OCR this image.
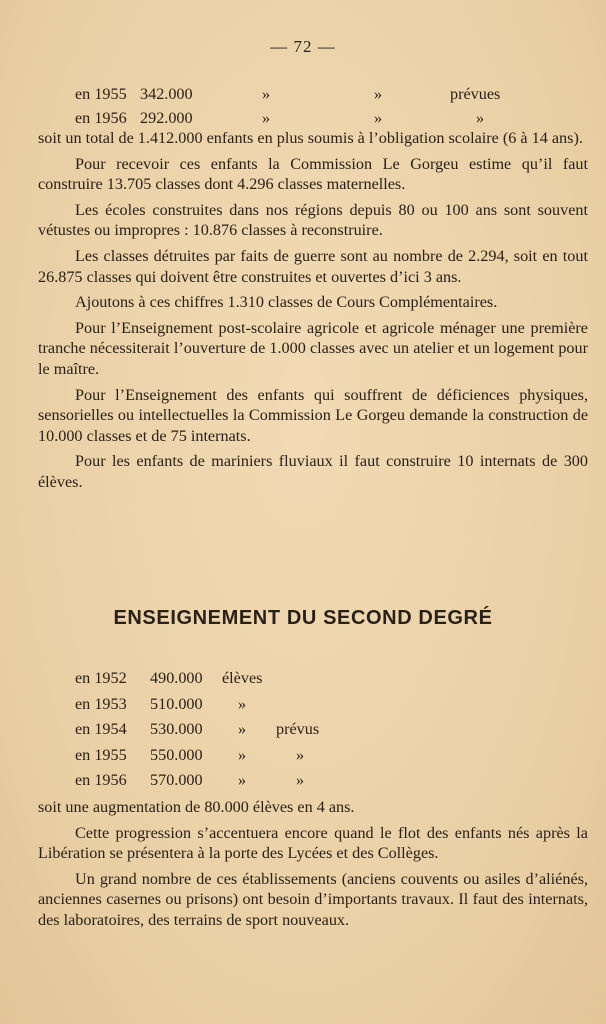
— 72 —
en 1955 342.000	»	»	prévues
en 1956 292.000	»	»	»

soit un total de 1.412.000 enfants en plus soumis à l’obligation scolaire (6 à 14 ans).

Pour recevoir ces enfants la Commission Le Gorgeu estime qu’il faut construire 13.705 classes dont 4.296 classes maternelles.

Les écoles construites dans nos régions depuis 80 ou 100 ans sont souvent vétustes ou impropres : 10.876 classes à reconstruire.

Les classes détruites par faits de guerre sont au nombre de 2.294, soit en tout 26.875 classes qui doivent être construites et ouvertes d’ici 3 ans.

Ajoutons à ces chiffres 1.310 classes de Cours Complémentaires.

Pour l’Enseignement post-scolaire agricole et agricole ménager une première tranche nécessiterait l’ouverture de 1.000 classes avec un atelier et un logement pour le maître.

Pour l’Enseignement des enfants qui souffrent de déficiences physiques, sensorielles ou intellectuelles la Commission Le Gorgeu demande la construction de 10.000 classes et de 75 internats.

Pour les enfants de mariniers fluviaux il faut construire 10 internats de 300 élèves.

ENSEIGNEMENT DU SECOND DEGRÉ
en 1952 490.000 élèves
en 1953 510.000 »
en 1954 530.000 » prévus
en 1955 550.000 »	»
en 1956 570.000 »	»

soit une augmentation de 80.000 élèves en 4 ans.

Cette progression s’accentuera encore quand le flot des enfants nés après la Libération se présentera à la porte des Lycées et des Collèges.

Un grand nombre de ces établissements (anciens couvents ou asiles d’aliénés, anciennes casernes ou prisons) ont besoin d’importants travaux. Il faut des internats, des laboratoires, des terrains de sport nouveaux.
